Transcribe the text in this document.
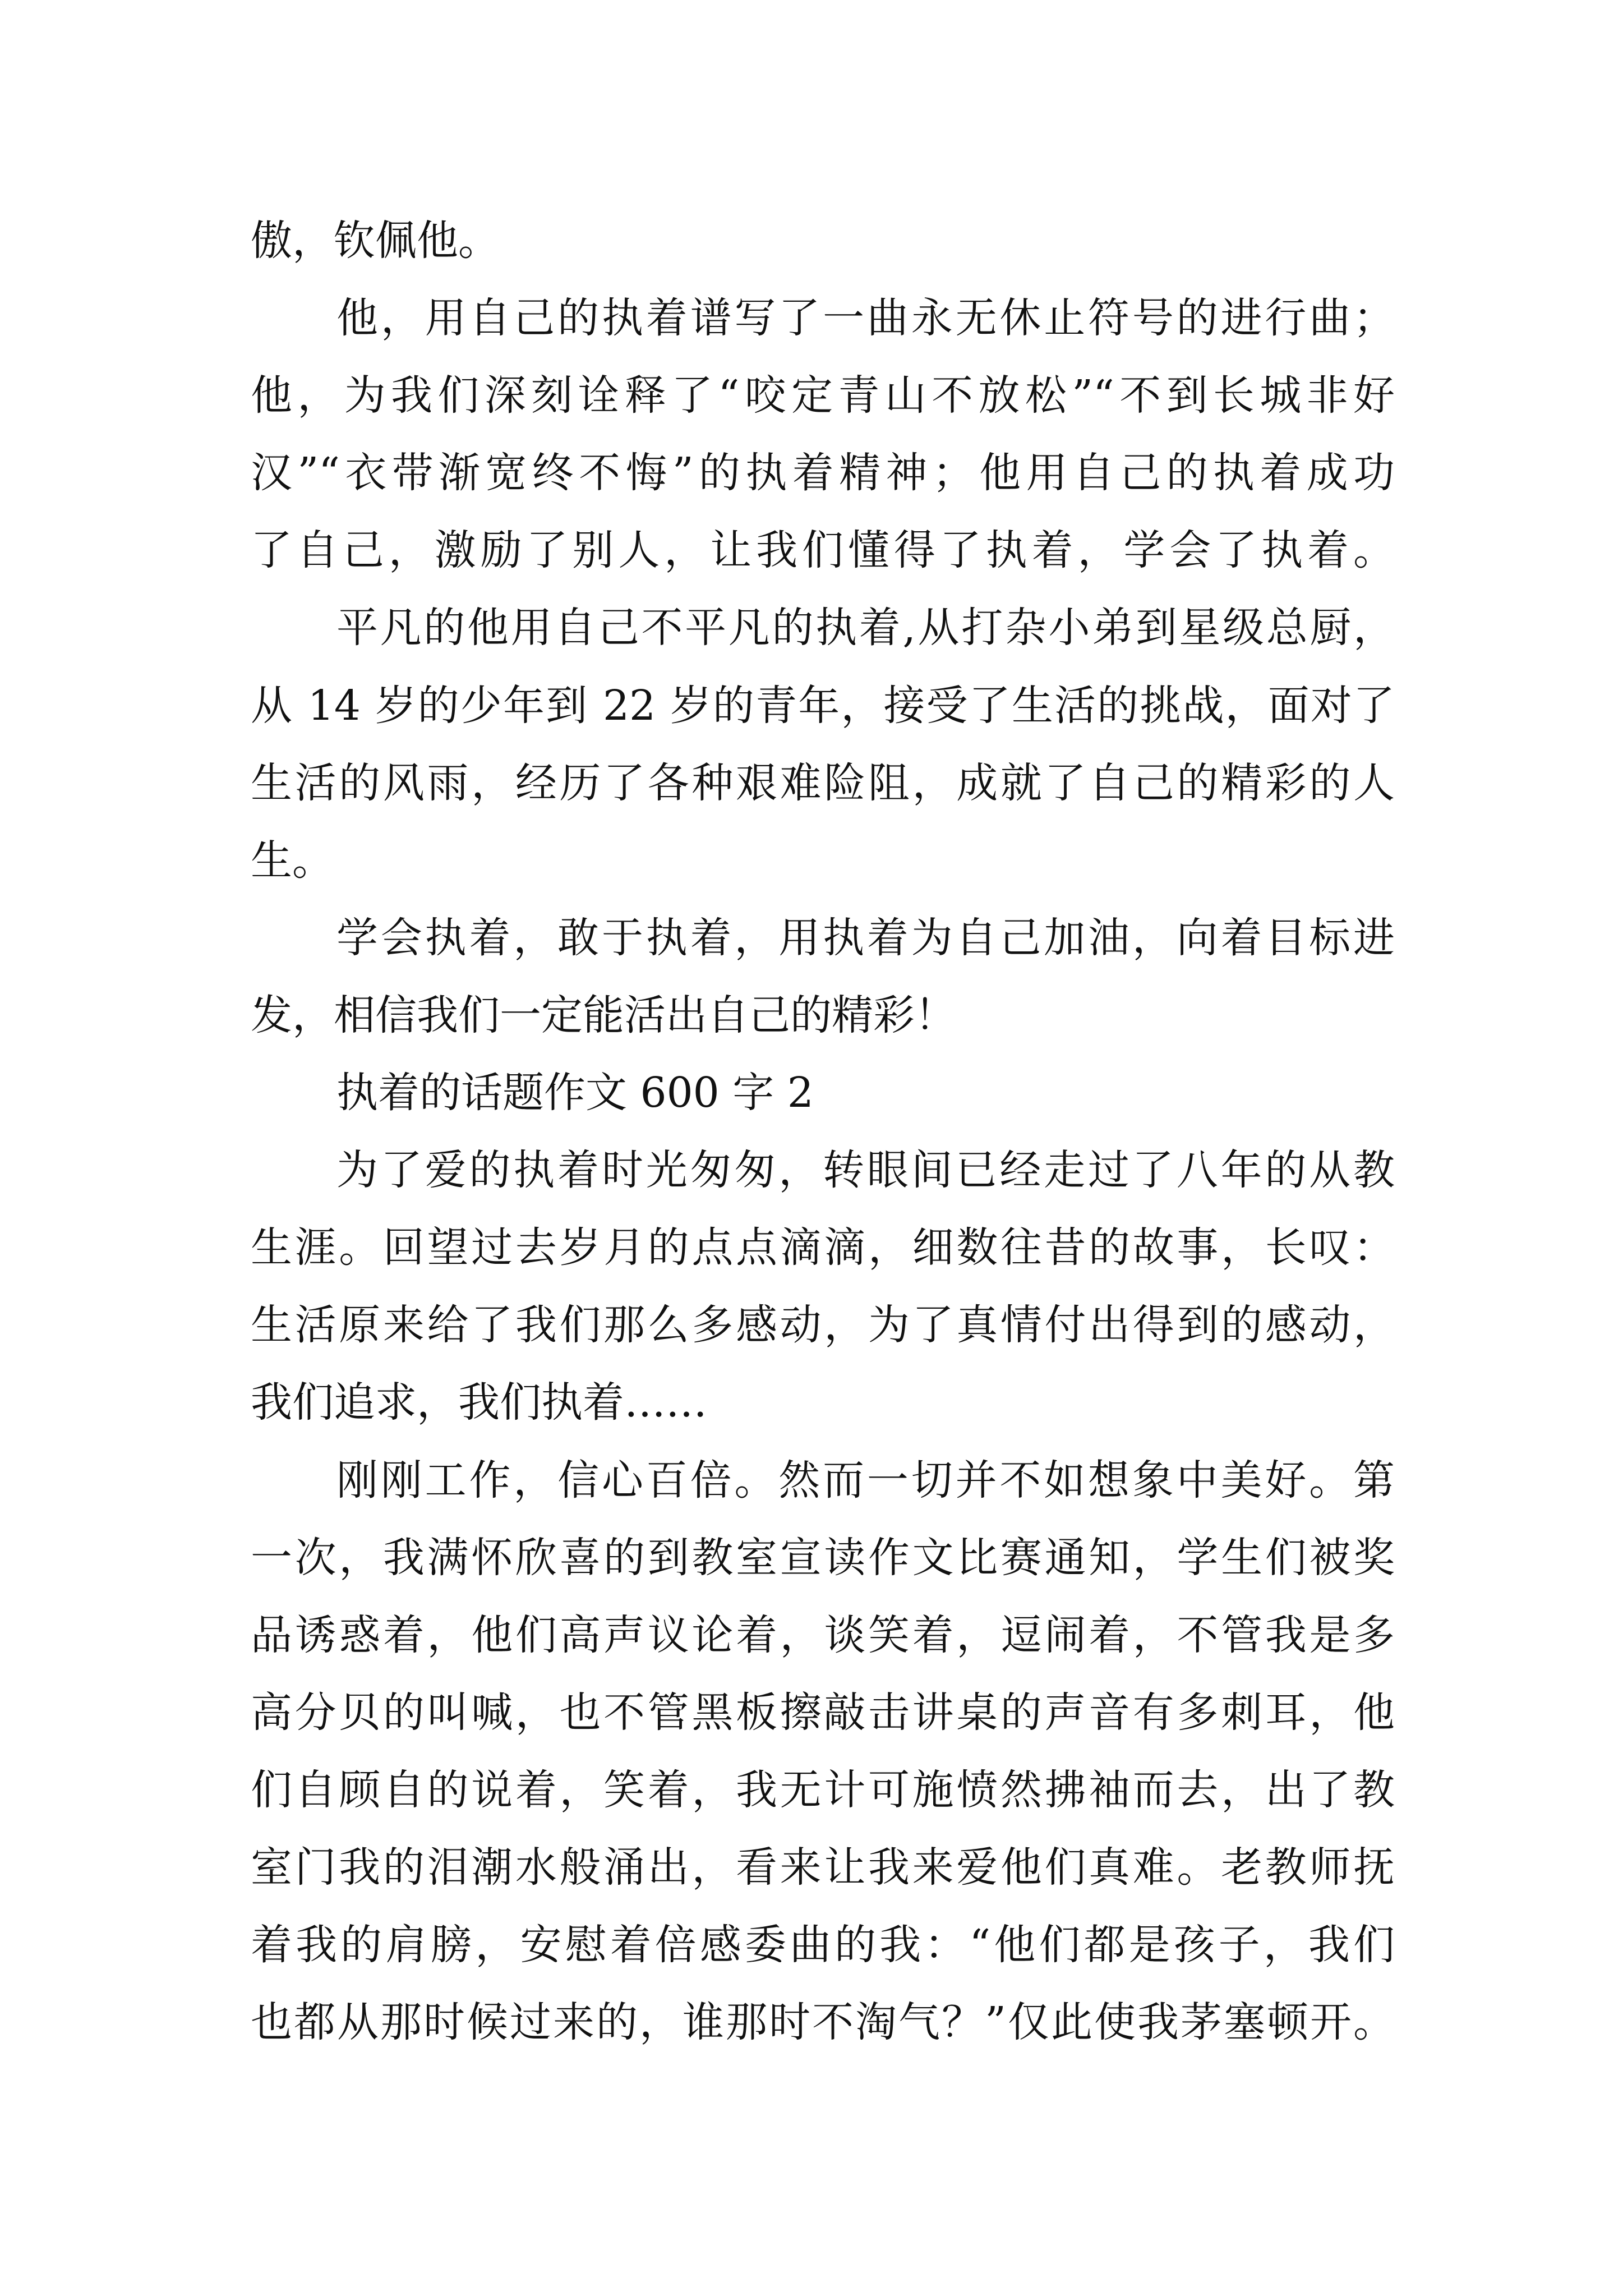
傲，钦佩他。
他，用自己的执着谱写了一曲永无休止符号的进行曲；
他，为我们深刻诠释了“咬定青山不放松”“不到长城非好
汉”“衣带渐宽终不悔”的执着精神；他用自己的执着成功
了自己，激励了别人，让我们懂得了执着，学会了执着。
平凡的他用自己不平凡的执着,从打杂小弟到星级总厨，
从 14 岁的少年到 22 岁的青年，接受了生活的挑战，面对了
生活的风雨，经历了各种艰难险阻，成就了自己的精彩的人
生。
学会执着，敢于执着，用执着为自己加油，向着目标进
发，相信我们一定能活出自己的精彩！
执着的话题作文 600 字 2
为了爱的执着时光匆匆，转眼间已经走过了八年的从教
生涯。回望过去岁月的点点滴滴，细数往昔的故事，长叹：
生活原来给了我们那么多感动，为了真情付出得到的感动，
我们追求，我们执着……
刚刚工作，信心百倍。然而一切并不如想象中美好。第
一次，我满怀欣喜的到教室宣读作文比赛通知，学生们被奖
品诱惑着，他们高声议论着，谈笑着，逗闹着，不管我是多
高分贝的叫喊，也不管黑板擦敲击讲桌的声音有多刺耳，他
们自顾自的说着，笑着，我无计可施愤然拂袖而去，出了教
室门我的泪潮水般涌出，看来让我来爱他们真难。老教师抚
着我的肩膀，安慰着倍感委曲的我：“他们都是孩子，我们
也都从那时候过来的，谁那时不淘气？”仅此使我茅塞顿开。
